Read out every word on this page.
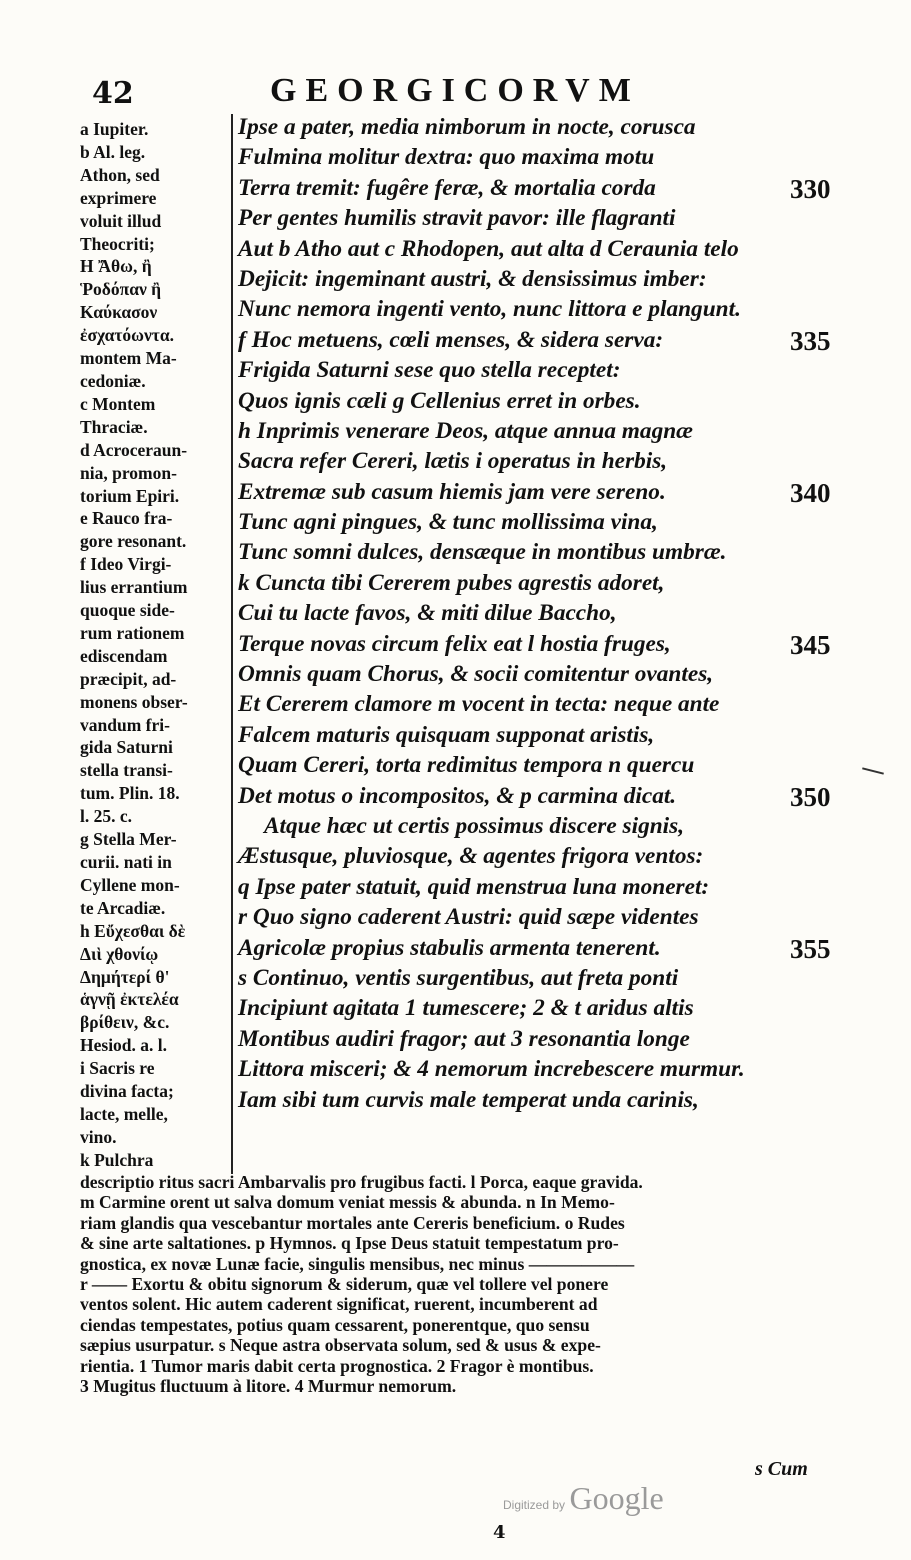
42	GEORGICORVM
a Iupiter.
b Al. leg.
Athon, sed
exprimere
voluit illud
Theocriti;
Η Ἄθω, ἢ
Ῥοδόπαν ἢ
Καύκασον
ἐσχατόωντα.
montem Ma-
cedoniæ.
c Montem
Thraciæ.
d Acroceraun-
nia, promon-
torium Epiri.
e Rauco fra-
gore resonant.
f Ideo Virgi-
lius errantium
quoque side-
rum rationem
ediscendam
præcipit, ad-
monens obser-
vandum fri-
gida Saturni
stella transi-
tum. Plin. 18.
l. 25. c.
g Stella Mer-
curii. nati in
Cyllene mon-
te Arcadiæ.
h Εὔχεσθαι δὲ
Διὶ χθονίῳ
Δημήτερί θ'
ἁγνῇ ἐκτελέα
βρίθειν, &c.
Hesiod. a. l.
i Sacris re
divina facta;
lacte, melle,
vino.
k Pulchra
Ipse a pater, media nimborum in nocte, corusca
Fulmina molitur dextra: quo maxima motu
Terra tremit: fugêre feræ, & mortalia corda
Per gentes humilis stravit pavor: ille flagranti
Aut b Atho aut c Rhodopen, aut alta d Ceraunia telo
Dejicit: ingeminant austri, & densissimus imber:
Nunc nemora ingenti vento, nunc littora e plangunt.
f Hoc metuens, cœli menses, & sidera serva:
Frigida Saturni sese quo stella receptet:
Quos ignis cæli g Cellenius erret in orbes.
h Inprimis venerare Deos, atque annua magnæ
Sacra refer Cereri, lætis i operatus in herbis,
Extremæ sub casum hiemis jam vere sereno.
Tunc agni pingues, & tunc mollissima vina,
Tunc somni dulces, densæque in montibus umbræ.
k Cuncta tibi Cererem pubes agrestis adoret,
Cui tu lacte favos, & miti dilue Baccho,
Terque novas circum felix eat l hostia fruges,
Omnis quam Chorus, & socii comitentur ovantes,
Et Cererem clamore m vocent in tecta: neque ante
Falcem maturis quisquam supponat aristis,
Quam Cereri, torta redimitus tempora n quercu
Det motus o incompositos, & p carmina dicat.
Atque hæc ut certis possimus discere signis,
Æstusque, pluviosque, & agentes frigora ventos:
q Ipse pater statuit, quid menstrua luna moneret:
r Quo signo caderent Austri: quid sæpe videntes
Agricolæ propius stabulis armenta tenerent.
s Continuo, ventis surgentibus, aut freta ponti
Incipiunt agitata 1 tumescere; 2 & t aridus altis
Montibus audiri fragor; aut 3 resonantia longe
Littora misceri; & 4 nemorum increbescere murmur.
Iam sibi tum curvis male temperat unda carinis,
330
335
340
345
350
355
descriptio ritus sacri Ambarvalis pro frugibus facti. l Porca, eaque gravida.
m Carmine orent ut salva domum veniat messis & abunda. n In Memo-
riam glandis qua vescebantur mortales ante Cereris beneficium. o Rudes
& sine arte saltationes. p Hymnos. q Ipse Deus statuit tempestatum pro-
gnostica, ex novæ Lunæ facie, singulis mensibus, nec minus ——————
r —— Exortu & obitu signorum & siderum, quæ vel tollere vel ponere
ventos solent. Hic autem caderent significat, ruerent, incumberent ad
ciendas tempestates, potius quam cessarent, ponerentque, quo sensu
sæpius usurpatur. s Neque astra observata solum, sed & usus & expe-
rientia. 1 Tumor maris dabit certa prognostica. 2 Fragor è montibus.
3 Mugitus fluctuum à litore. 4 Murmur nemorum.
s Cum
Digitized by Google
4
